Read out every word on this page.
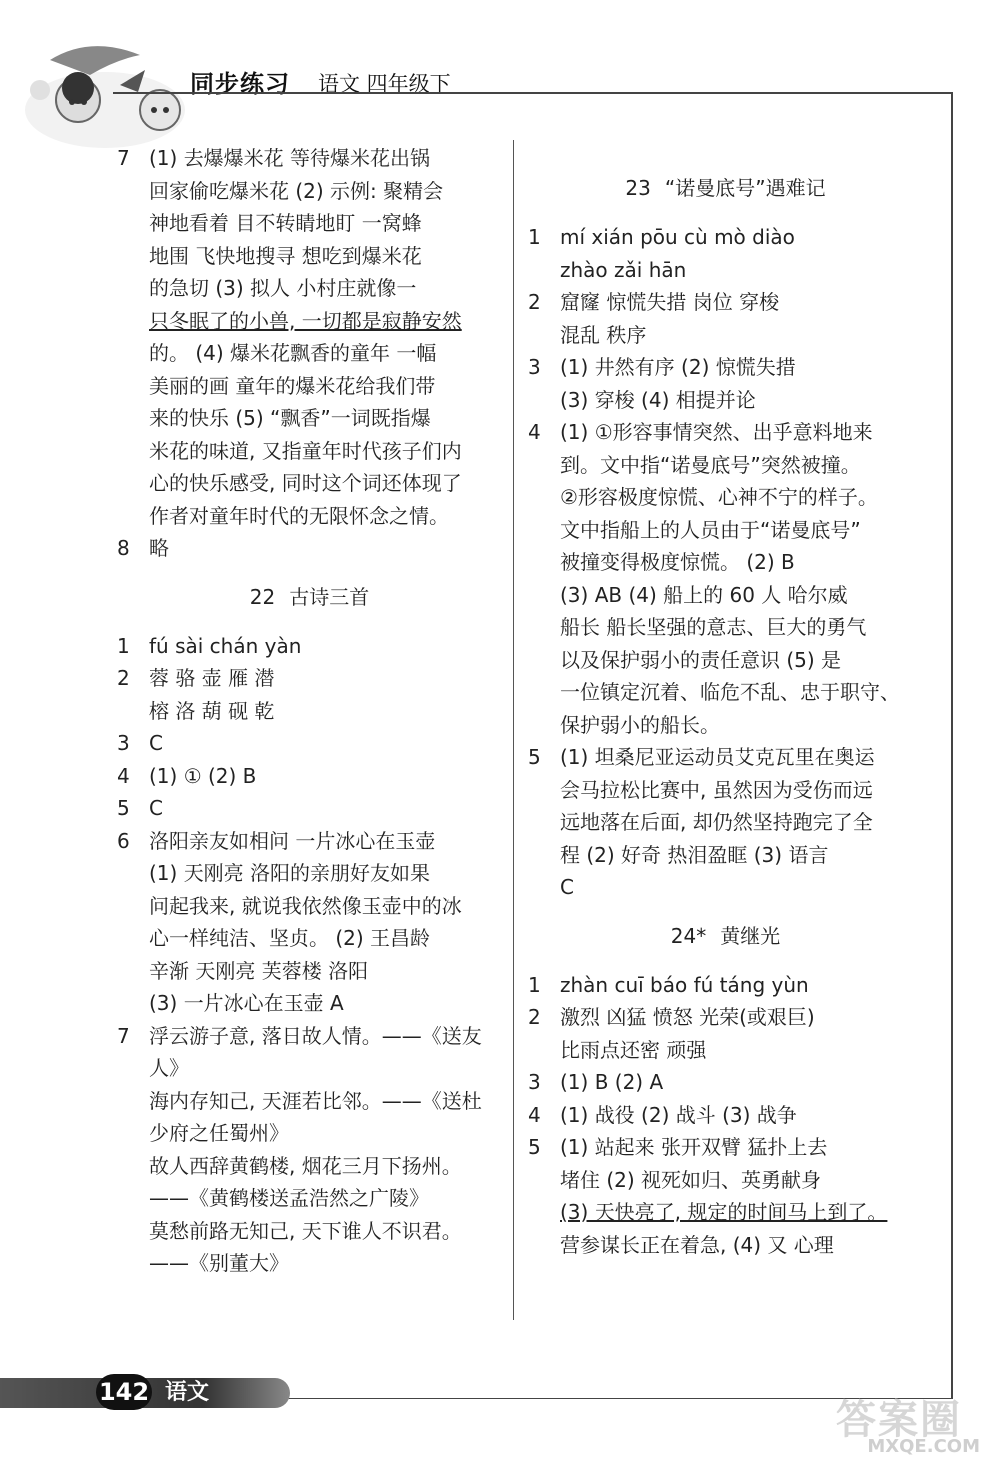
同步练习 语文 四年级下
7 (1) 去爆爆米花 等待爆米花出锅
回家偷吃爆米花 (2) 示例: 聚精会
神地看着 目不转睛地盯 一窝蜂
地围 飞快地搜寻 想吃到爆米花
的急切 (3) 拟人 小村庄就像一
只冬眠了的小兽, 一切都是寂静安然
的。 (4) 爆米花飘香的童年 一幅
美丽的画 童年的爆米花给我们带
来的快乐 (5) “飘香”一词既指爆
米花的味道, 又指童年时代孩子们内
心的快乐感受, 同时这个词还体现了
作者对童年时代的无限怀念之情。
8 略
22 古诗三首
1 fú sài chán yàn
2 蓉 骆 壶 雁 潜
榕 洛 葫 砚 乾
3 C
4 (1) ① (2) B
5 C
6 洛阳亲友如相问 一片冰心在玉壶
(1) 天刚亮 洛阳的亲朋好友如果
问起我来, 就说我依然像玉壶中的冰
心一样纯洁、坚贞。 (2) 王昌龄
辛渐 天刚亮 芙蓉楼 洛阳
(3) 一片冰心在玉壶 A
7 浮云游子意, 落日故人情。——《送友
人》
海内存知己, 天涯若比邻。——《送杜
少府之任蜀州》
故人西辞黄鹤楼, 烟花三月下扬州。
——《黄鹤楼送孟浩然之广陵》
莫愁前路无知己, 天下谁人不识君。
——《别董大》
23 “诺曼底号”遇难记
1 mí xián pōu cù mò diào
zhào zǎi hān
2 窟窿 惊慌失措 岗位 穿梭
混乱 秩序
3 (1) 井然有序 (2) 惊慌失措
(3) 穿梭 (4) 相提并论
4 (1) ①形容事情突然、出乎意料地来
到。文中指“诺曼底号”突然被撞。
②形容极度惊慌、心神不宁的样子。
文中指船上的人员由于“诺曼底号”
被撞变得极度惊慌。 (2) B
(3) AB (4) 船上的 60 人 哈尔威
船长 船长坚强的意志、巨大的勇气
以及保护弱小的责任意识 (5) 是
一位镇定沉着、临危不乱、忠于职守、
保护弱小的船长。
5 (1) 坦桑尼亚运动员艾克瓦里在奥运
会马拉松比赛中, 虽然因为受伤而远
远地落在后面, 却仍然坚持跑完了全
程 (2) 好奇 热泪盈眶 (3) 语言
C
24* 黄继光
1 zhàn cuī báo fú táng yùn
2 激烈 凶猛 愤怒 光荣(或艰巨)
比雨点还密 顽强
3 (1) B (2) A
4 (1) 战役 (2) 战斗 (3) 战争
5 (1) 站起来 张开双臂 猛扑上去
堵住 (2) 视死如归、英勇献身
(3) 天快亮了, 规定的时间马上到了。
营参谋长正在着急, (4) 又 心理
142 语文
答案圈
MXQE.COM
